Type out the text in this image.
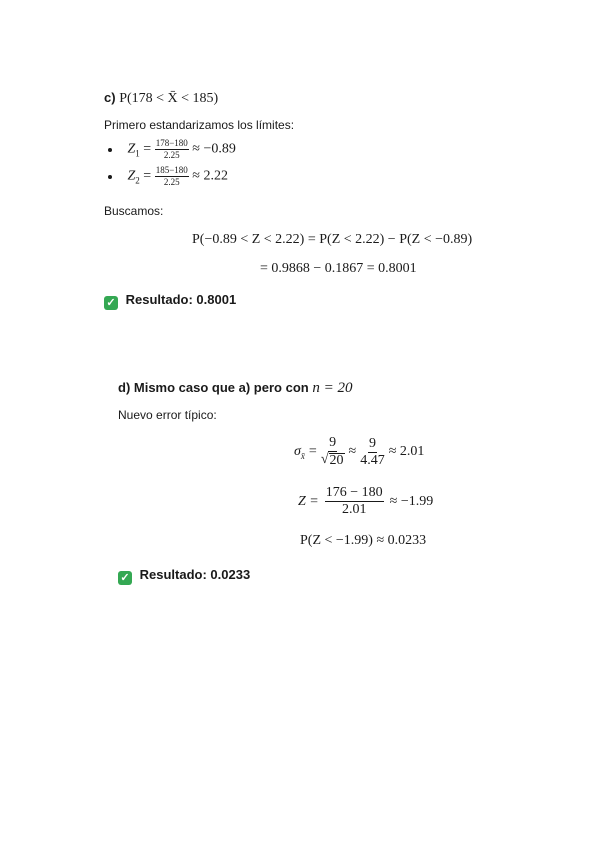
c) P(178 < X̄ < 185)
Primero estandarizamos los límites:
$Z_1 = \frac{178-180}{2.25} \approx -0.89$
$Z_2 = \frac{185-180}{2.25} \approx 2.22$
Buscamos:
P(−0.89 < Z < 2.22) = P(Z < 2.22) − P(Z < −0.89)
= 0.9868 − 0.1867 = 0.8001
✓ Resultado: 0.8001
d) Mismo caso que a) pero con n = 20
Nuevo error típico:
$\sigma_{x̄} = \frac{9}{√ 20} \approx \frac{9}{4.47} \approx 2.01$
$Z = \frac{176 - 180}{2.01} \approx -1.99$
P(Z < −1.99) ≈ 0.0233
✓ Resultado: 0.0233
